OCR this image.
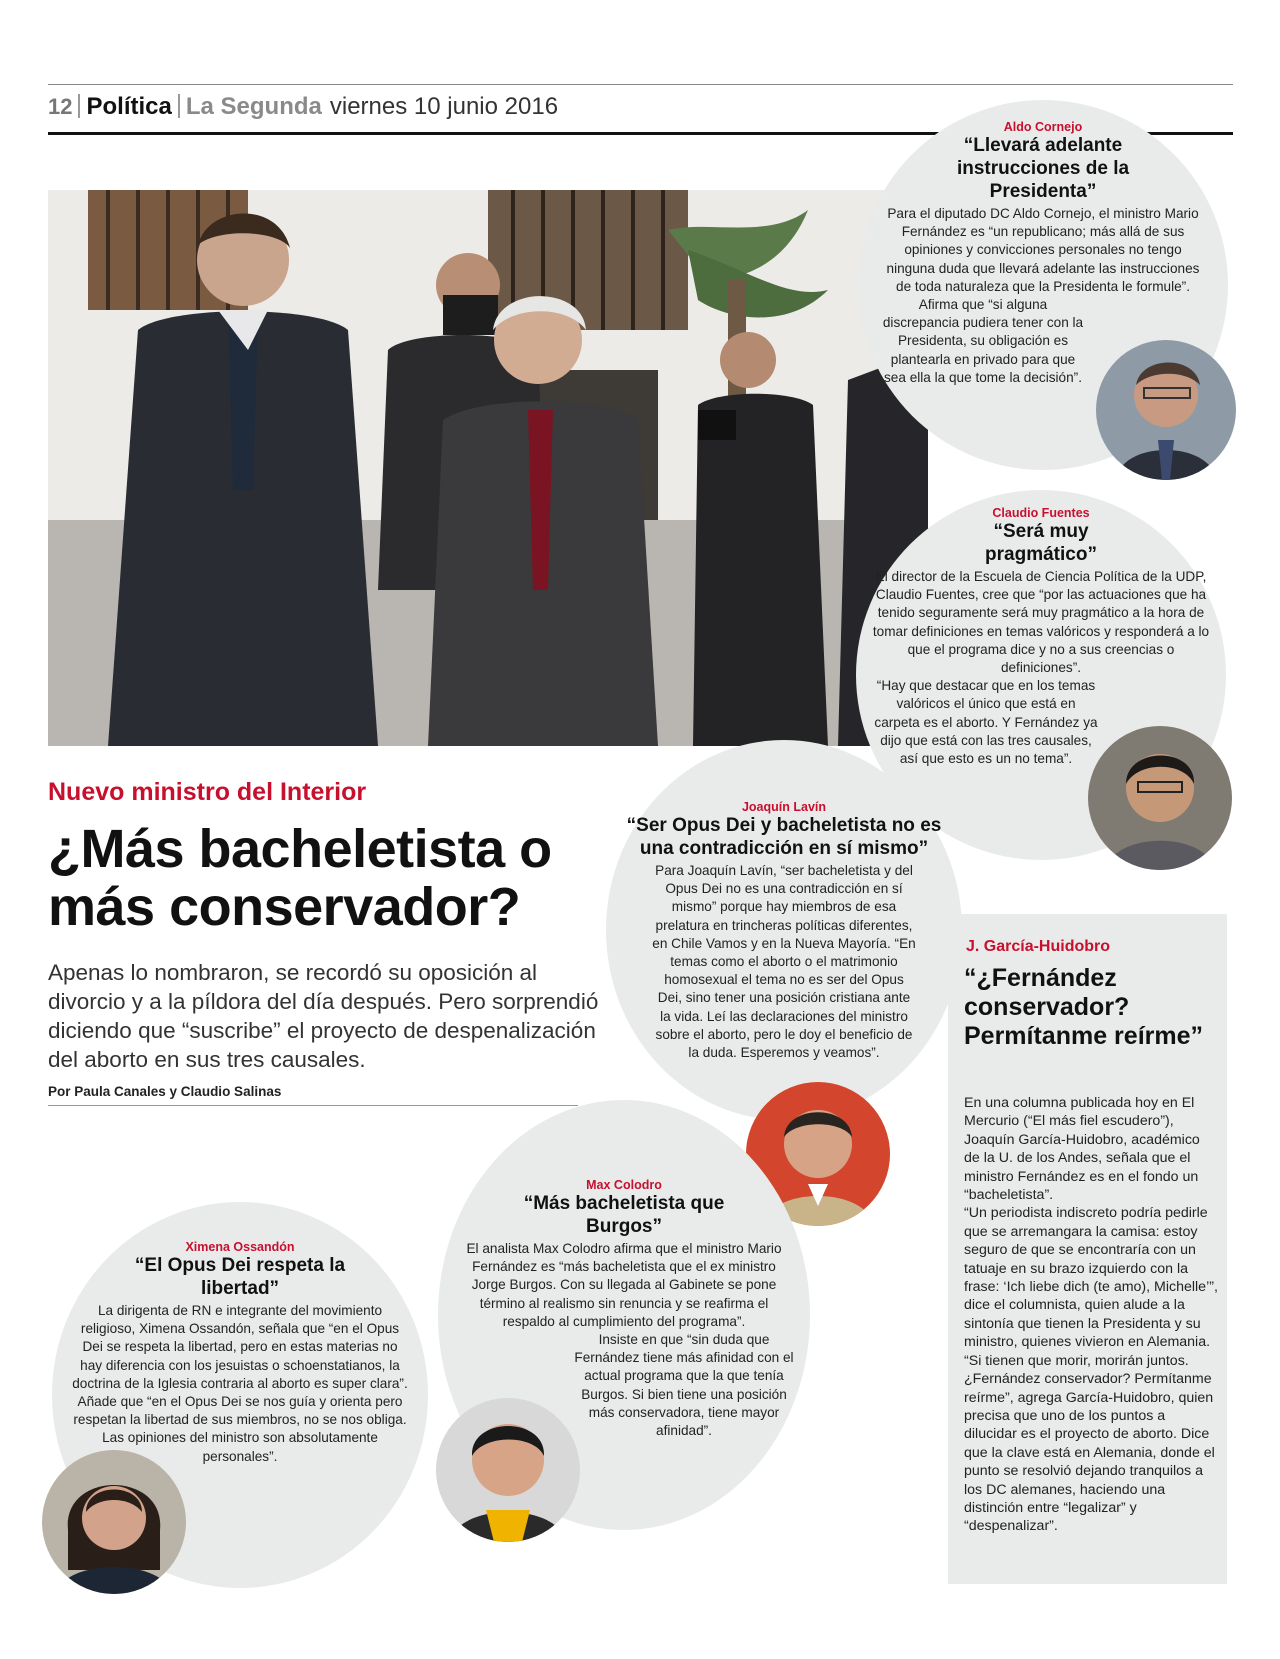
12 Política La Segunda viernes 10 junio 2016
Nuevo ministro del Interior
¿Más bacheletista o más conservador?
Apenas lo nombraron, se recordó su oposición al divorcio y a la píldora del día después. Pero sorprendió diciendo que “suscribe” el proyecto de despenalización del aborto en sus tres causales.
Por Paula Canales y Claudio Salinas
Aldo Cornejo
“Llevará adelante instrucciones de la Presidenta”
Para el diputado DC Aldo Cornejo, el ministro Mario Fernández es “un republicano; más allá de sus opiniones y convicciones personales no tengo ninguna duda que llevará adelante las instrucciones de toda naturaleza que la Presidenta le formule”.
Afirma que “si alguna discrepancia pudiera tener con la Presidenta, su obligación es plantearla en privado para que sea ella la que tome la decisión”.
Claudio Fuentes
“Será muy pragmático”
El director de la Escuela de Ciencia Política de la UDP, Claudio Fuentes, cree que “por las actuaciones que ha tenido seguramente será muy pragmático a la hora de tomar definiciones en temas valóricos y responderá a lo que el programa dice y no a sus creencias o definiciones”.
“Hay que destacar que en los temas valóricos el único que está en carpeta es el aborto. Y Fernández ya dijo que está con las tres causales, así que esto es un no tema”.
Joaquín Lavín
“Ser Opus Dei y bacheletista no es una contradicción en sí mismo”
Para Joaquín Lavín, “ser bacheletista y del Opus Dei no es una contradicción en sí mismo” porque hay miembros de esa prelatura en trincheras políticas diferentes, en Chile Vamos y en la Nueva Mayoría. “En temas como el aborto o el matrimonio homosexual el tema no es ser del Opus Dei, sino tener una posición cristiana ante la vida. Leí las declaraciones del ministro sobre el aborto, pero le doy el beneficio de la duda. Esperemos y veamos”.
Max Colodro
“Más bacheletista que Burgos”
El analista Max Colodro afirma que el ministro Mario Fernández es “más bacheletista que el ex ministro Jorge Burgos. Con su llegada al Gabinete se pone término al realismo sin renuncia y se reafirma el respaldo al cumplimiento del programa”.
Insiste en que “sin duda que Fernández tiene más afinidad con el actual programa que la que tenía Burgos. Si bien tiene una posición más conservadora, tiene mayor afinidad”.
Ximena Ossandón
“El Opus Dei respeta la libertad”
La dirigenta de RN e integrante del movimiento religioso, Ximena Ossandón, señala que “en el Opus Dei se respeta la libertad, pero en estas materias no hay diferencia con los jesuistas o schoenstatianos, la doctrina de la Iglesia contraria al aborto es super clara”. Añade que “en el Opus Dei se nos guía y orienta pero respetan la libertad de sus miembros, no se nos obliga. Las opiniones del ministro son absolutamente personales”.
J. García-Huidobro
“¿Fernández conservador? Permítanme reírme”
En una columna publicada hoy en El Mercurio (“El más fiel escudero”), Joaquín García-Huidobro, académico de la U. de los Andes, señala que el ministro Fernández es en el fondo un “bacheletista”.
“Un periodista indiscreto podría pedirle que se arremangara la camisa: estoy seguro de que se encontraría con un tatuaje en su brazo izquierdo con la frase: ‘Ich liebe dich (te amo), Michelle’”, dice el columnista, quien alude a la sintonía que tienen la Presidenta y su ministro, quienes vivieron en Alemania. “Si tienen que morir, morirán juntos. ¿Fernández conservador? Permítanme reírme”, agrega García-Huidobro, quien precisa que uno de los puntos a dilucidar es el proyecto de aborto. Dice que la clave está en Alemania, donde el punto se resolvió dejando tranquilos a los DC alemanes, haciendo una distinción entre “legalizar” y “despenalizar”.
